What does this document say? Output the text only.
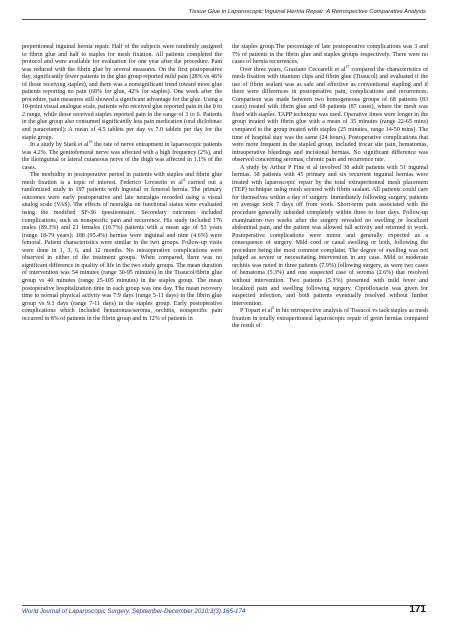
Tissue Glue in Laparoscopic Inguinal Hernia Repair: A Retrospective Comparative Analysis

preperitoneal inguinal hernia repair. Half of the subjects were randomly assigned to fibrin glue and half to staples for mesh fixation. All patients completed the protocol and were available for evaluation for one year after the procedure. Pain was reduced with the fibrin glue by several measures. On the first postoperative day, significantly fewer patients in the glue group reported mild pain (28% vs 46% of those receiving staples), and there was a nonsignificant trend toward more glue patients reporting no pain (68% for glue, 42% for staples). One week after the procedure, pain measures still showed a significant advantage for the glue. Using a 10-point visual analogue scale, patients who received glue reported pain in the 0 to 2 range, while those received staples reported pain in the range of 3 to 6. Patients in the glue group also consumed significantly less pain medication (oral diclofenac and paracetamol): A mean of 4.5 tablets per day vs 7.0 tablets per day for the staple group.

In a study by Stark et $al^{16}$ the rate of nerve entrapment in laparoscopic patients was 4.2%. The genitofemoral nerve was affected with a high frequency (2%), and the ilioinguinal or lateral cutaneous nerve of the thigh was affected in 1.1% of the cases.

The morbidity in postoperative period in patients with staples and fibrin glue mesh fixation is a topic of interest. Federico Lovisetto et $al^4$ carried out a randomized study in 197 patients with inguinal or femoral hernia. The primary outcomes were early postoperative and late neuralgia recorded using a visual analog scale (VAS). The effects of neuralgia on functional status were evaluated using the modified SF-36 questionnaire. Secondary outcomes included complications, such as nonspecific pain and recurrence. His study included 176 males (89.3%) and 21 females (10.7%) patients with a mean age of 53 years (range 18-79 years); 188 (95.4%) hernias were inguinal and nine (4.6%) were femoral. Patient characteristics were similar in the two groups. Follow-up visits were done in 1, 3, 6, and 12 months. No intraoperative complications were observed in either of the treatment groups. When compared, there was no significant difference in quality of life in the two study groups. The mean duration of intervention was 54 minutes (range 30-95 minutes) in the Tissucol/fibrin glue group vs 40 minutes (range 25-105 minutes) in the staples group. The mean postoperative hospitalization time in each group was one day. The mean recovery time to normal physical activity was 7.9 days (range 5-11 days) in the fibrin glue group vs 9.1 days (range 7-11 days) in the staples group. Early postoperative complications which included hematomas/seroma, orchitis, nonspecific pain occurred in 8% of patients in the fibrin group and in 12% of patients in

the staples group.The percentage of late postoperative complications was 3 and 7% of patients in the fibrin glue and staples groups respectively. There were no cases of hernia recurrences.

Over three years, Graziano Ceccarelli et $al^{17}$ compared the characteristics of mesh fixation with titanium clips and fibrin glue (Tissucol) and evaluated if the use of fibrin sealant was as safe and effective as conventional stapling and if there were differences in postoperative pain, complications and recurrences. Comparison was made between two homogeneous groups of 68 patients (83 cases) treated with fibrin glue and 68 patients (87 cases), where the mesh was fixed with staples. TAPP technique was used. Operative times were longer in the group treated with fibrin glue with a mean of 35 minutes (range 22-65 mins) compared to the group treated with staples (25 minutes, range 14-50 mins). The time of hospital stay was the same (24 hours). Postoperative complications that were more frequent in the stapled group, included trocar site pain, hematomas, intraoperative bleedings and incisional hernias. No significant difference was observed concerning seromas, chronic pain and recurrence rate.

A study by Arthur P Fine et al involved 38 adult patients with 51 inguinal hernias. 38 patients with 45 primary and six recurrent inguinal hernias were treated with laparoscopic repair by the total extraperitoneal mesh placement (TEP) technique using mesh secured with fibrin sealant. All patients could care for themselves within a day of surgery. Immediately following surgery, patients on average took 7 days off from work. Short-term pain associated with the procedure generally subsided completely within three to four days. Follow-up examination two weeks after the surgery revealed no swelling or localized abdominal pain, and the patient was allowed full activity and returned to work. Postoperative complications were minor and generally expected as a consequence of surgery. Mild cord or canal swelling or both, following the procedure being the most common complaint. The degree of swelling was not judged as severe or necessitating intervention in any case. Mild to moderate orchitis was noted in three patients (7.9%) following surgery, as were two cases of hematoma (5.3%) and one suspected case of seroma (2.6%) that resolved without intervention. Two patients (5.3%) presented with mild fever and localized pain and swelling following surgery. Ciprofloxacin was given for suspected infection, and both patients eventually resolved without further intervention.

P Topart et $al^5$ in his retrospective analysis of Tissucol vs tack staples as mesh fixation in totally extraperitoneal laparoscopic repair of groin hernias compared the result of

World Journal of Laparoscopic Surgery, September-December 2010;3(3):165-174	171
